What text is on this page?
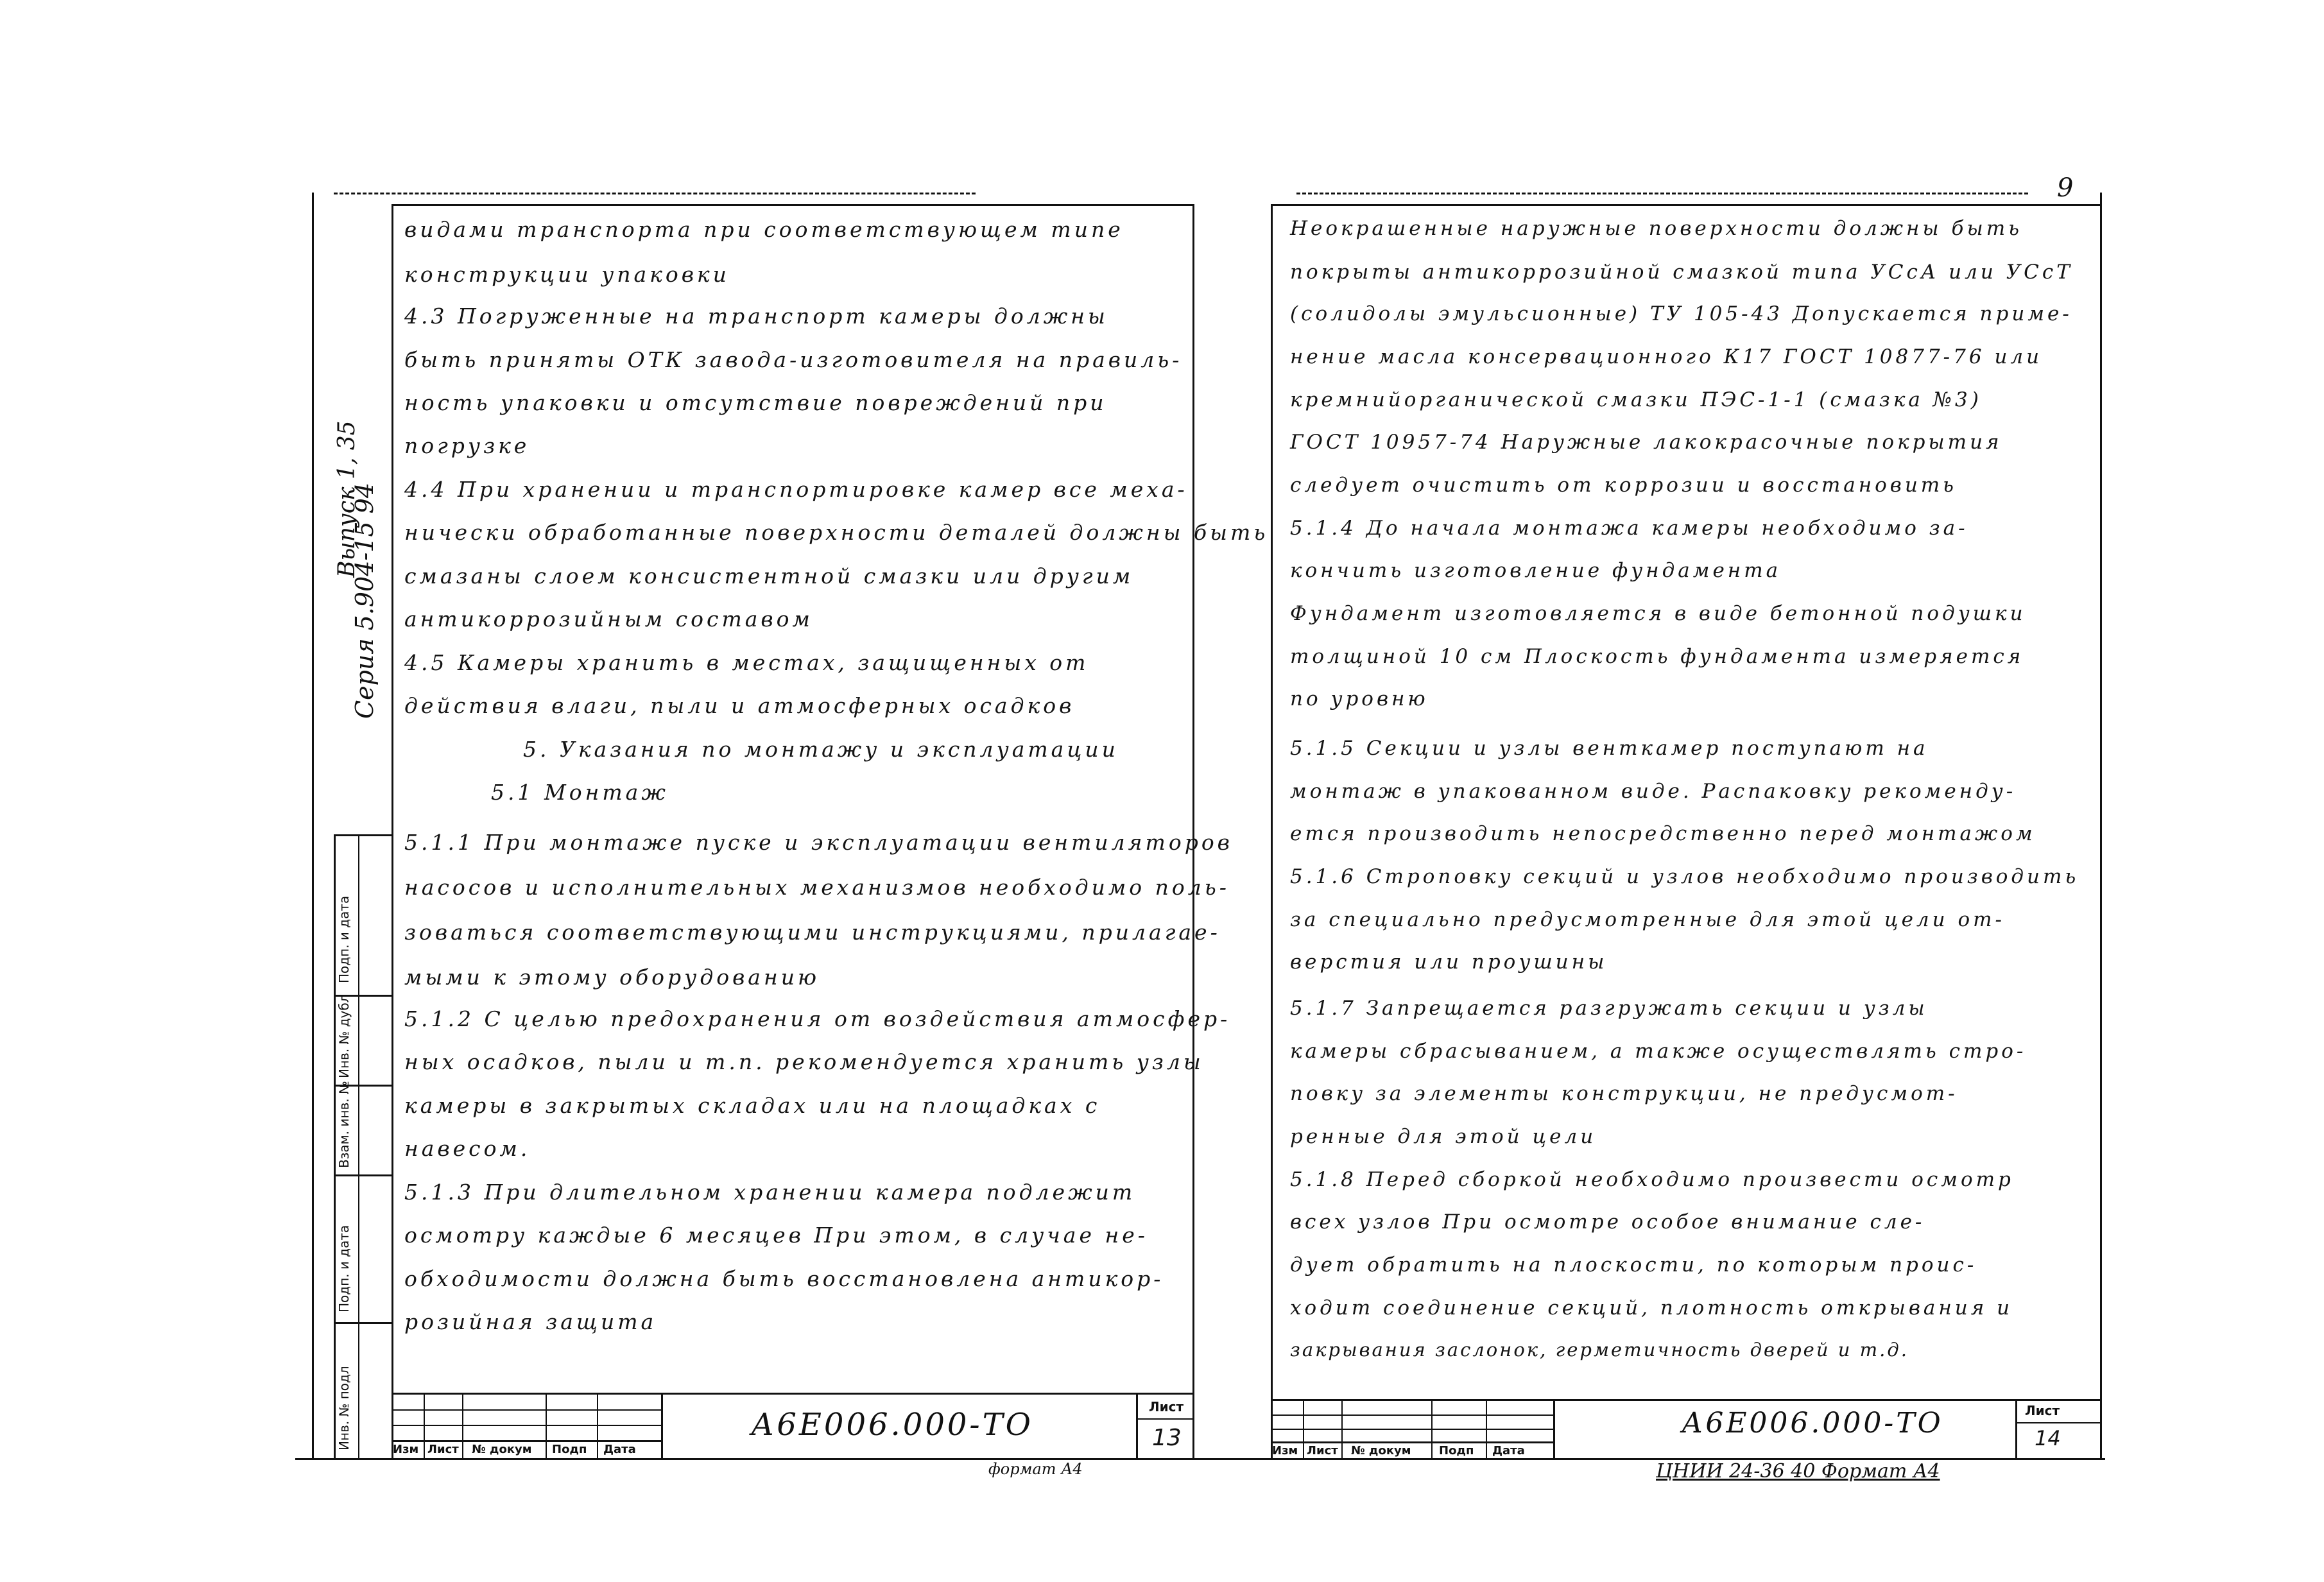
Серия 5.904-15 94
Выпуск 1, 35
Подп. и дата
Инв. № дубл
Взам. инв. №
Подп. и дата
Инв. № подл
видами транспорта при соответствующем типе
конструкции упаковки
4.3 Погруженные на транспорт камеры должны
быть приняты ОТК завода-изготовителя на правиль-
ность упаковки и отсутствие повреждений при
погрузке
4.4 При хранении и транспортировке камер все меха-
нически обработанные поверхности деталей должны быть
смазаны слоем консистентной смазки или другим
антикоррозийным составом
4.5 Камеры хранить в местах, защищенных от
действия влаги, пыли и атмосферных осадков
5. Указания по монтажу и эксплуатации
5.1 Монтаж
5.1.1 При монтаже пуске и эксплуатации вентиляторов
насосов и исполнительных механизмов необходимо поль-
зоваться соответствующими инструкциями, прилагае-
мыми к этому оборудованию
5.1.2 С целью предохранения от воздействия атмосфер-
ных осадков, пыли и т.п. рекомендуется хранить узлы
камеры в закрытых складах или на площадках с
навесом.
5.1.3 При длительном хранении камера подлежит
осмотру каждые 6 месяцев При этом, в случае не-
обходимости должна быть восстановлена антикор-
розийная защита
Изм Лист № докум Подп Дата
А6Е006.000-ТО	Лист
13
формат А4
9
Неокрашенные наружные поверхности должны быть
покрыты антикоррозийной смазкой типа УСсА или УСсТ
(солидолы эмульсионные) ТУ 105-43 Допускается приме-
нение масла консервационного К17 ГОСТ 10877-76 или
кремнийорганической смазки ПЭС-1-1 (смазка №3)
ГОСТ 10957-74 Наружные лакокрасочные покрытия
следует очистить от коррозии и восстановить
5.1.4 До начала монтажа камеры необходимо за-
кончить изготовление фундамента
Фундамент изготовляется в виде бетонной подушки
толщиной 10 см Плоскость фундамента измеряется
по уровню
5.1.5 Секции и узлы венткамер поступают на
монтаж в упакованном виде. Распаковку рекоменду-
ется производить непосредственно перед монтажом
5.1.6 Строповку секций и узлов необходимо производить
за специально предусмотренные для этой цели от-
верстия или проушины
5.1.7 Запрещается разгружать секции и узлы
камеры сбрасыванием, а также осуществлять стро-
повку за элементы конструкции, не предусмот-
ренные для этой цели
5.1.8 Перед сборкой необходимо произвести осмотр
всех узлов При осмотре особое внимание сле-
дует обратить на плоскости, по которым проис-
ходит соединение секций, плотность открывания и
закрывания заслонок, герметичность дверей и т.д.
Изм Лист № докум Подп Дата
А6Е006.000-ТО	Лист
14
ЦНИИ 24-36 40 Формат А4
